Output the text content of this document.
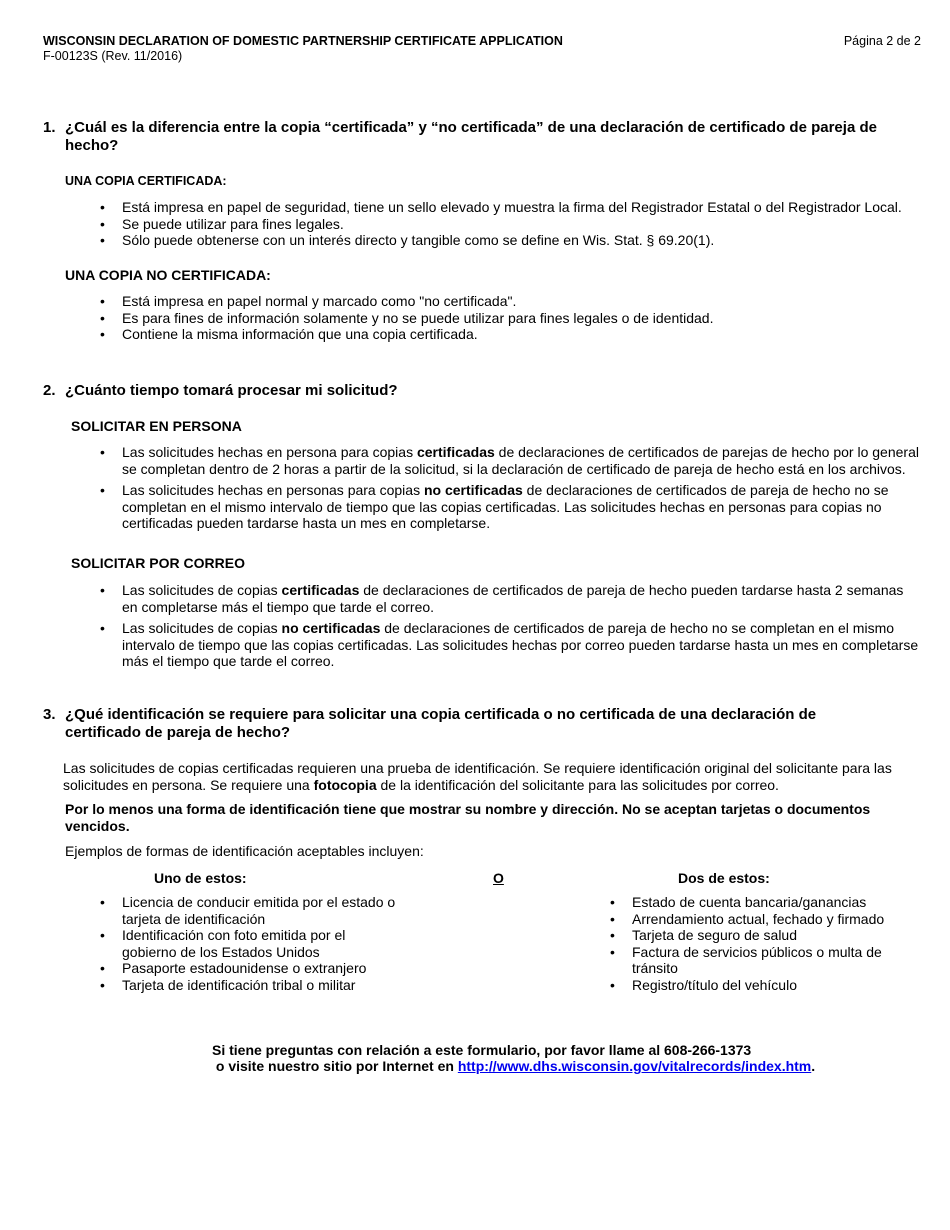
WISCONSIN DECLARATION OF DOMESTIC PARTNERSHIP CERTIFICATE APPLICATION
F-00123S (Rev. 11/2016)
Página 2 de 2
1. ¿Cuál es la diferencia entre la copia “certificada” y “no certificada” de una declaración de certificado de pareja de
hecho?
UNA COPIA CERTIFICADA:
• Está impresa en papel de seguridad, tiene un sello elevado y muestra la firma del Registrador Estatal o del Registrador Local.
• Se puede utilizar para fines legales.
• Sólo puede obtenerse con un interés directo y tangible como se define en Wis. Stat. § 69.20(1).
UNA COPIA NO CERTIFICADA:
• Está impresa en papel normal y marcado como "no certificada".
• Es para fines de información solamente y no se puede utilizar para fines legales o de identidad.
• Contiene la misma información que una copia certificada.
2. ¿Cuánto tiempo tomará procesar mi solicitud?
SOLICITAR EN PERSONA
• Las solicitudes hechas en persona para copias certificadas de declaraciones de certificados de parejas de hecho por lo general se completan dentro de 2 horas a partir de la solicitud, si la declaración de certificado de pareja de hecho está en los archivos.
• Las solicitudes hechas en personas para copias no certificadas de declaraciones de certificados de pareja de hecho no se completan en el mismo intervalo de tiempo que las copias certificadas. Las solicitudes hechas en personas para copias no certificadas pueden tardarse hasta un mes en completarse.
SOLICITAR POR CORREO
• Las solicitudes de copias certificadas de declaraciones de certificados de pareja de hecho pueden tardarse hasta 2 semanas en completarse más el tiempo que tarde el correo.
• Las solicitudes de copias no certificadas de declaraciones de certificados de pareja de hecho no se completan en el mismo intervalo de tiempo que las copias certificadas. Las solicitudes hechas por correo pueden tardarse hasta un mes en completarse más el tiempo que tarde el correo.
3. ¿Qué identificación se requiere para solicitar una copia certificada o no certificada de una declaración de
certificado de pareja de hecho?
Las solicitudes de copias certificadas requieren una prueba de identificación. Se requiere identificación original del solicitante para las solicitudes en persona. Se requiere una fotocopia de la identificación del solicitante para las solicitudes por correo.
Por lo menos una forma de identificación tiene que mostrar su nombre y dirección. No se aceptan tarjetas o documentos vencidos.
Ejemplos de formas de identificación aceptables incluyen:
Uno de estos:	O	Dos de estos:
• Licencia de conducir emitida por el estado o tarjeta de identificación
• Identificación con foto emitida por el gobierno de los Estados Unidos
• Pasaporte estadounidense o extranjero
• Tarjeta de identificación tribal o militar
• Estado de cuenta bancaria/ganancias
• Arrendamiento actual, fechado y firmado
• Tarjeta de seguro de salud
• Factura de servicios públicos o multa de tránsito
• Registro/título del vehículo
Si tiene preguntas con relación a este formulario, por favor llame al 608-266-1373
o visite nuestro sitio por Internet en http://www.dhs.wisconsin.gov/vitalrecords/index.htm.
